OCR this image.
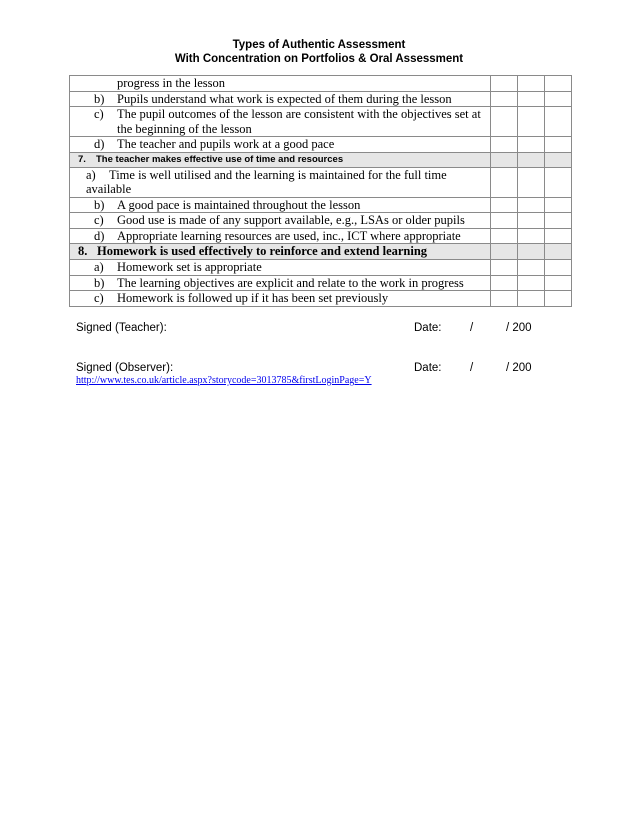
Types of Authentic Assessment
With Concentration on Portfolios & Oral Assessment
progress in the lesson			

b) Pupils understand what work is expected of them during the lesson			

c) The pupil outcomes of the lesson are consistent with the objectives set at the beginning of the lesson			

d) The teacher and pupils work at a good pace			

7. The teacher makes effective use of time and resources			

a) Time is well utilised and the learning is maintained for the full time available			

b) A good pace is maintained throughout the lesson			

c) Good use is made of any support available, e.g., LSAs or older pupils			

d) Appropriate learning resources are used, inc., ICT where appropriate			

8. Homework is used effectively to reinforce and extend learning			

a) Homework set is appropriate			

b) The learning objectives are explicit and relate to the work in progress			

c) Homework is followed up if it has been set previously			

Signed (Teacher):	Date: /	/ 200
Signed (Observer):	Date: /	/ 200
http://www.tes.co.uk/article.aspx?storycode=3013785&firstLoginPage=Y
